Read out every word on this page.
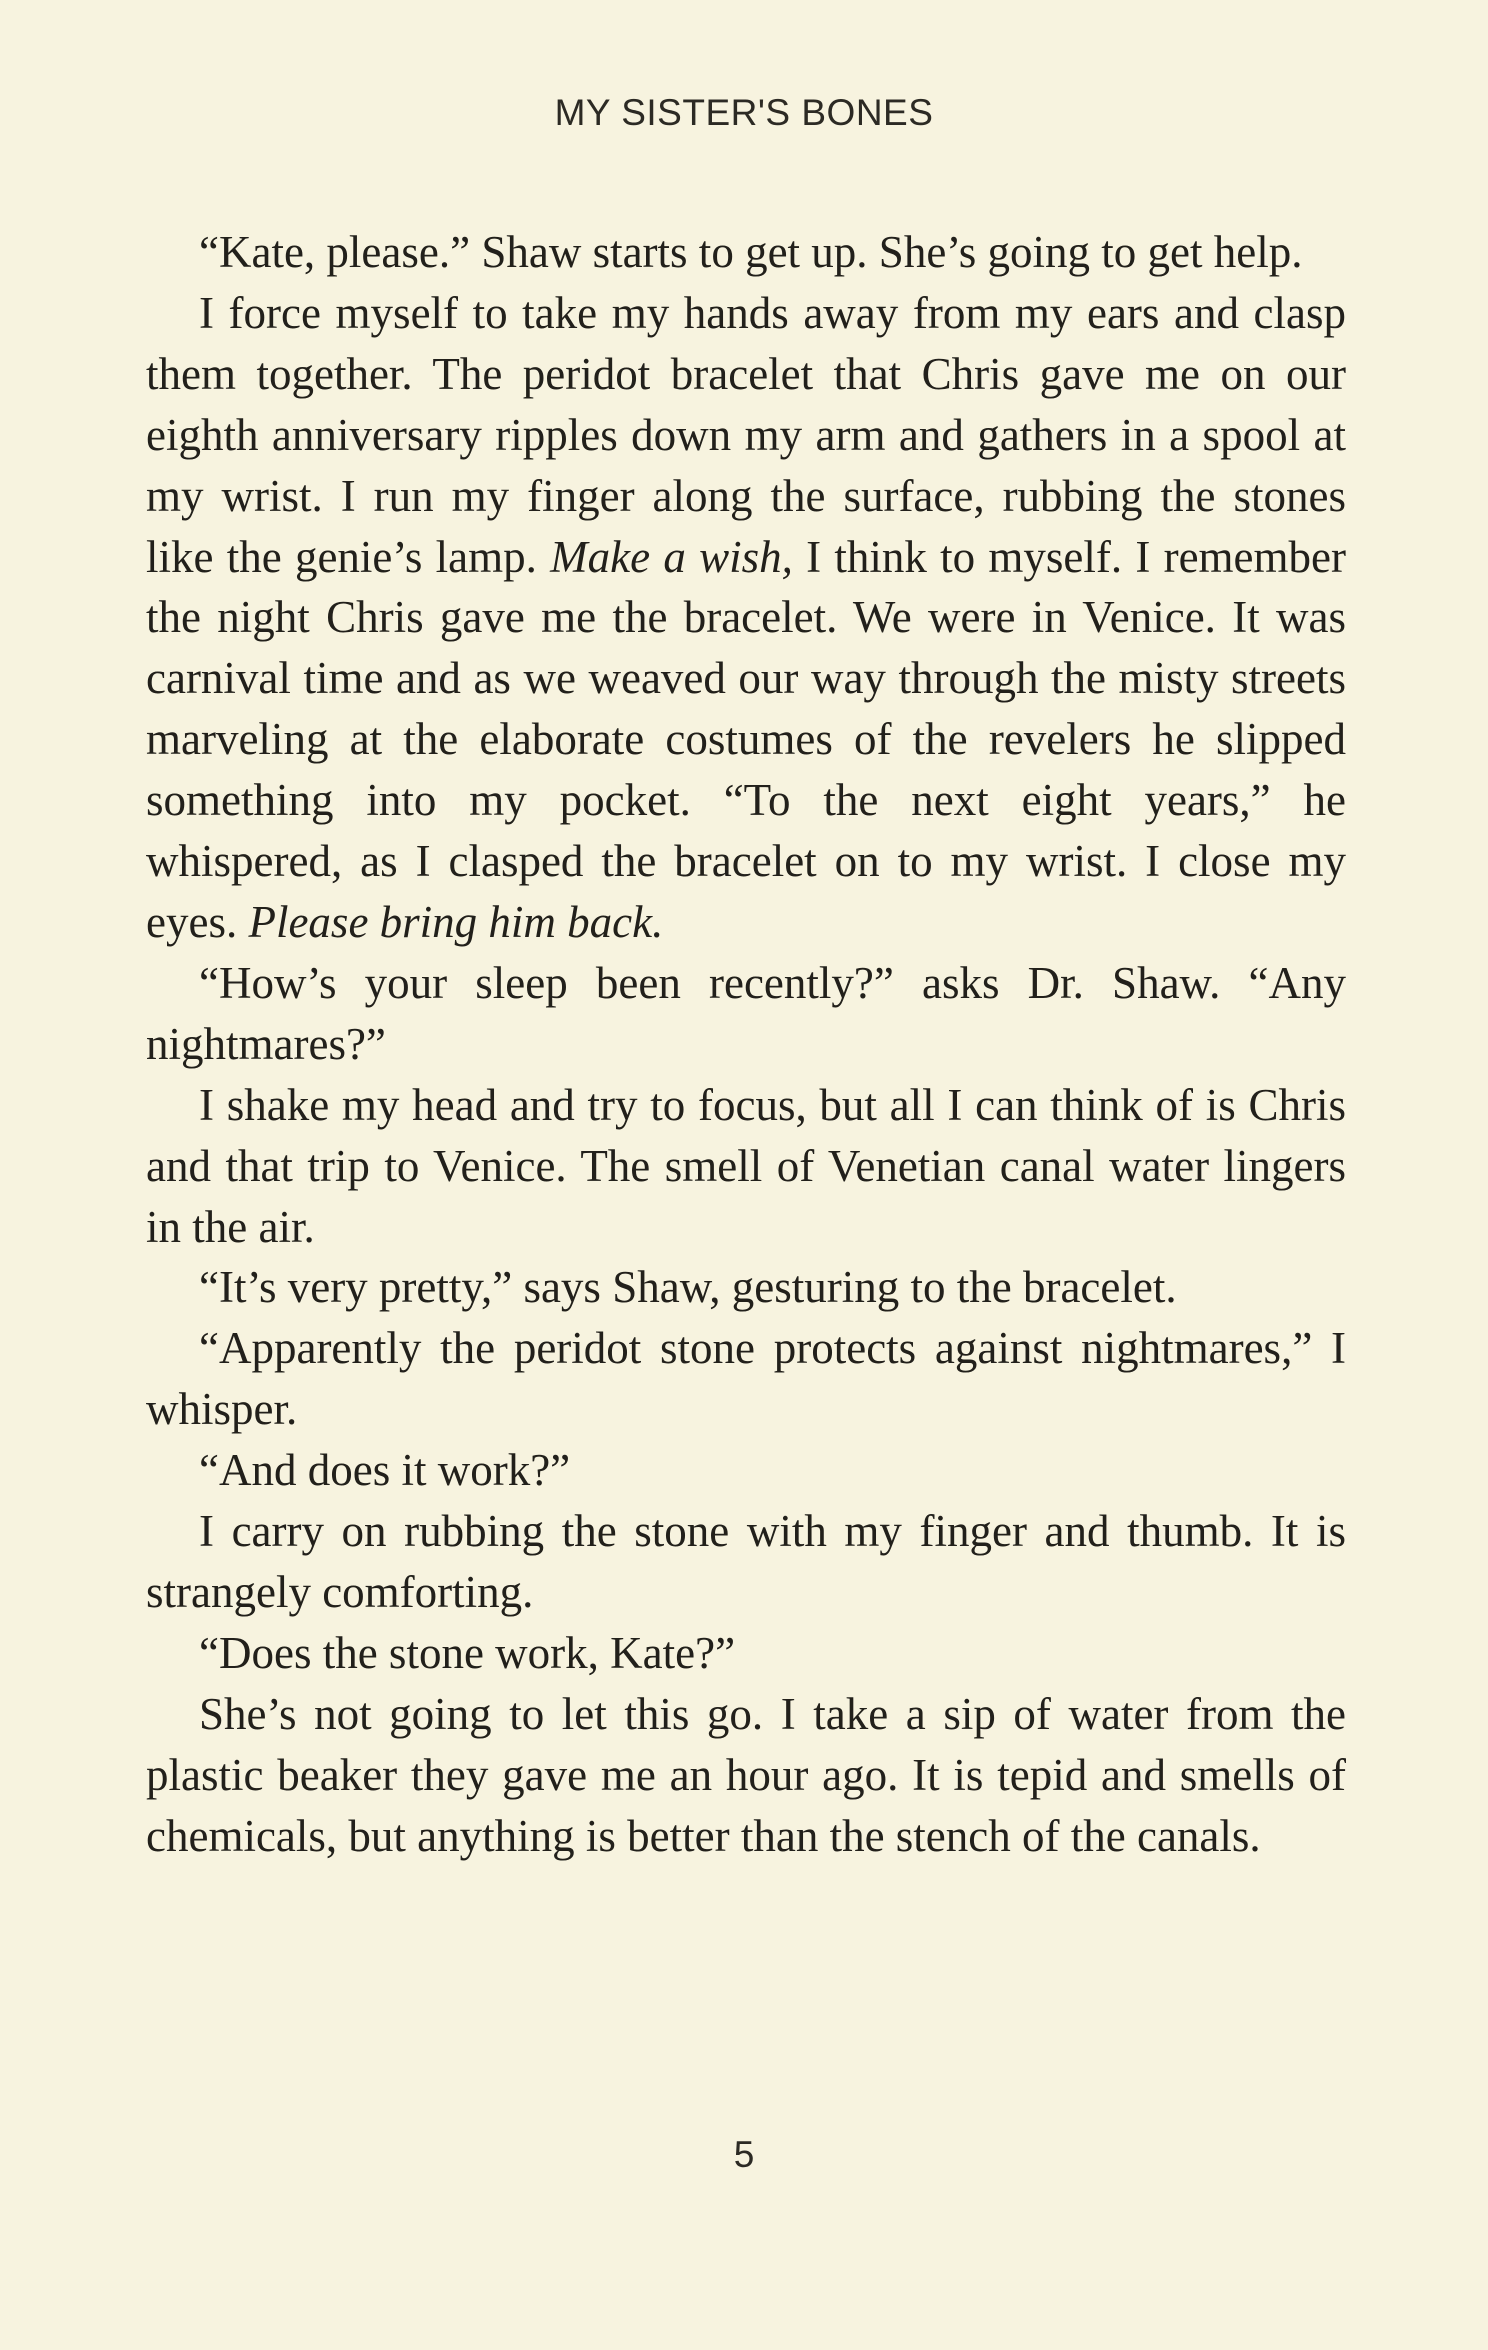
MY SISTER'S BONES

“Kate, please.” Shaw starts to get up. She’s going to get help.

I force myself to take my hands away from my ears and clasp them together. The peridot bracelet that Chris gave me on our eighth anniversary ripples down my arm and gathers in a spool at my wrist. I run my finger along the surface, rubbing the stones like the genie’s lamp. Make a wish, I think to myself. I remember the night Chris gave me the bracelet. We were in Venice. It was carnival time and as we weaved our way through the misty streets marveling at the elaborate costumes of the revelers he slipped something into my pocket. “To the next eight years,” he whispered, as I clasped the bracelet on to my wrist. I close my eyes. Please bring him back.

“How’s your sleep been recently?” asks Dr. Shaw. “Any nightmares?”

I shake my head and try to focus, but all I can think of is Chris and that trip to Venice. The smell of Venetian canal water lingers in the air.

“It’s very pretty,” says Shaw, gesturing to the bracelet.

“Apparently the peridot stone protects against nightmares,” I whisper.

“And does it work?”

I carry on rubbing the stone with my finger and thumb. It is strangely comforting.

“Does the stone work, Kate?”

She’s not going to let this go. I take a sip of water from the plastic beaker they gave me an hour ago. It is tepid and smells of chemicals, but anything is better than the stench of the canals.

5
